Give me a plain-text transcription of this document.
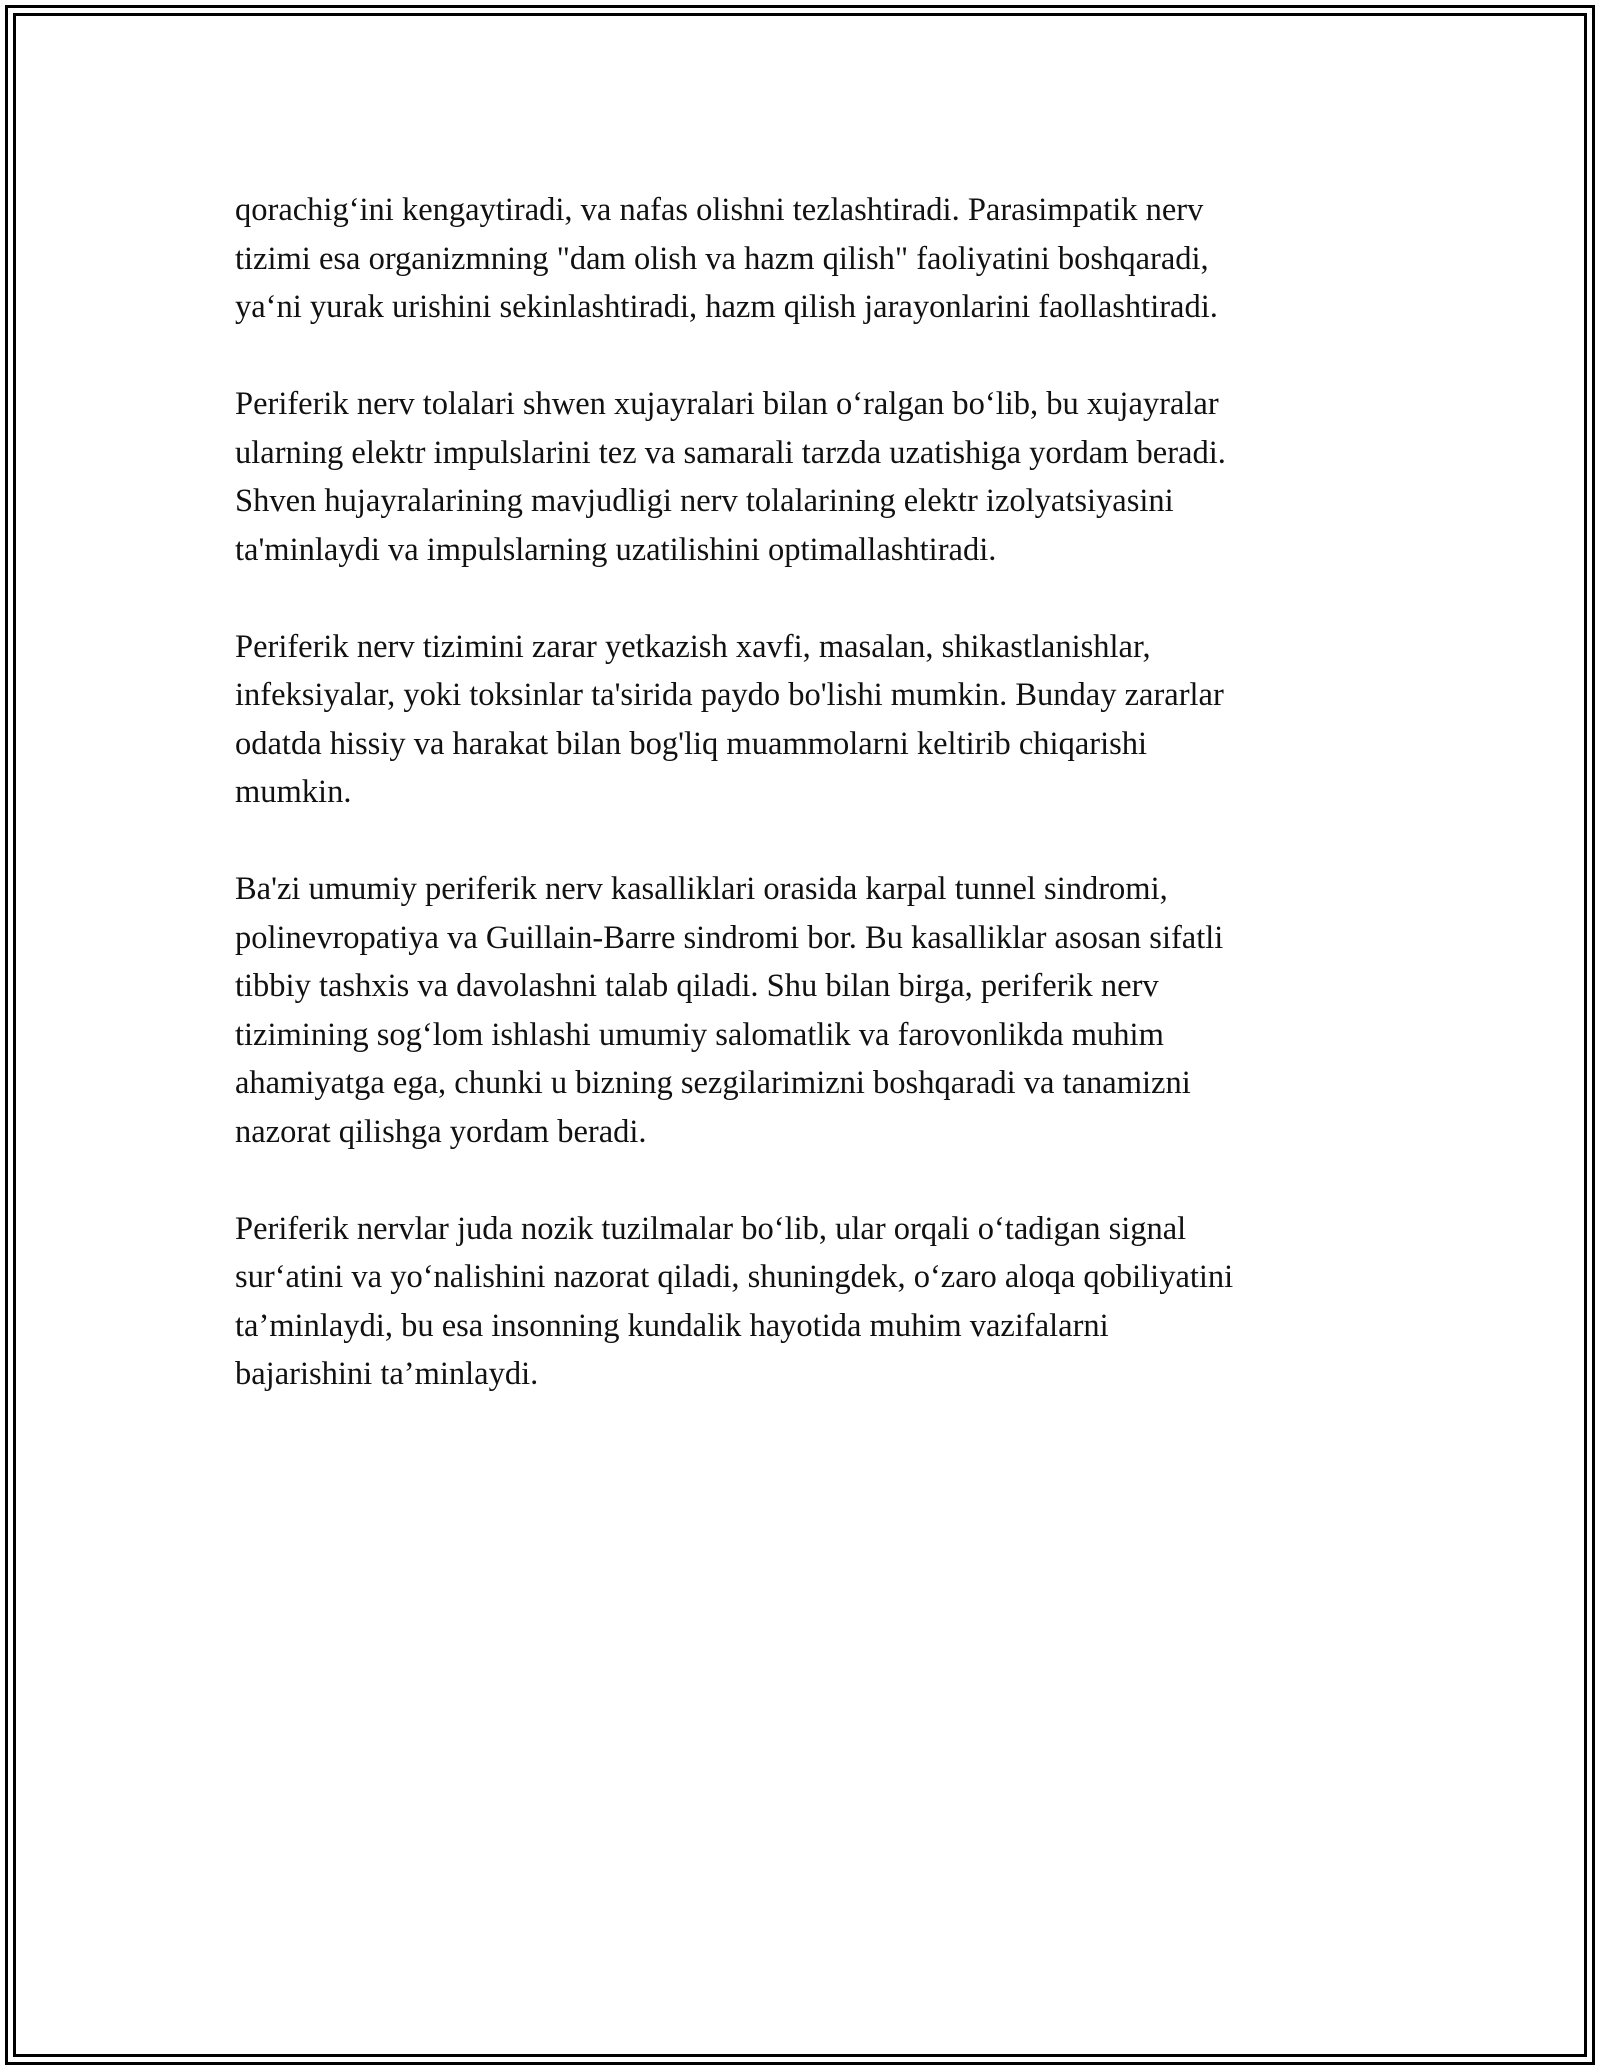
qorachig‘ini kengaytiradi, va nafas olishni tezlashtiradi. Parasimpatik nerv
tizimi esa organizmning "dam olish va hazm qilish" faoliyatini boshqaradi,
ya‘ni yurak urishini sekinlashtiradi, hazm qilish jarayonlarini faollashtiradi.

Periferik nerv tolalari shwen xujayralari bilan o‘ralgan bo‘lib, bu xujayralar
ularning elektr impulslarini tez va samarali tarzda uzatishiga yordam beradi.
Shven hujayralarining mavjudligi nerv tolalarining elektr izolyatsiyasini
ta'minlaydi va impulslarning uzatilishini optimallashtiradi.

Periferik nerv tizimini zarar yetkazish xavfi, masalan, shikastlanishlar,
infeksiyalar, yoki toksinlar ta'sirida paydo bo'lishi mumkin. Bunday zararlar
odatda hissiy va harakat bilan bog'liq muammolarni keltirib chiqarishi
mumkin.

Ba'zi umumiy periferik nerv kasalliklari orasida karpal tunnel sindromi,
polinevropatiya va Guillain-Barre sindromi bor. Bu kasalliklar asosan sifatli
tibbiy tashxis va davolashni talab qiladi. Shu bilan birga, periferik nerv
tizimining sog‘lom ishlashi umumiy salomatlik va farovonlikda muhim
ahamiyatga ega, chunki u bizning sezgilarimizni boshqaradi va tanamizni
nazorat qilishga yordam beradi.

Periferik nervlar juda nozik tuzilmalar bo‘lib, ular orqali o‘tadigan signal
sur‘atini va yo‘nalishini nazorat qiladi, shuningdek, o‘zaro aloqa qobiliyatini
ta’minlaydi, bu esa insonning kundalik hayotida muhim vazifalarni
bajarishini ta’minlaydi.
